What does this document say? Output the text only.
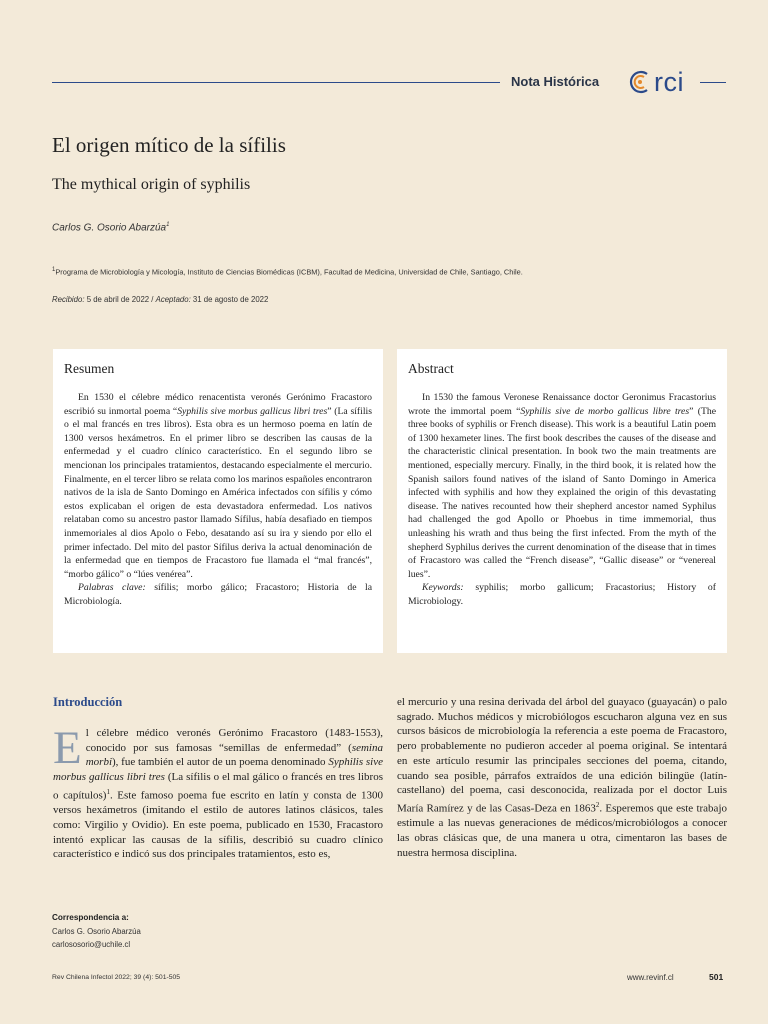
Nota Histórica rci
El origen mítico de la sífilis
The mythical origin of syphilis
Carlos G. Osorio Abarzúa$^1$
$^1$Programa de Microbiología y Micología, Instituto de Ciencias Biomédicas (ICBM), Facultad de Medicina, Universidad de Chile, Santiago, Chile.
Recibido: 5 de abril de 2022 / Aceptado: 31 de agosto de 2022
Resumen

En 1530 el célebre médico renacentista veronés Gerónimo Fracastoro escribió su inmortal poema “Syphilis sive morbus gallicus libri tres” (La sífilis o el mal francés en tres libros). Esta obra es un hermoso poema en latín de 1300 versos hexámetros. En el primer libro se describen las causas de la enfermedad y el cuadro clínico característico. En el segundo libro se mencionan los principales tratamientos, destacando especialmente el mercurio. Finalmente, en el tercer libro se relata como los marinos españoles encontraron nativos de la isla de Santo Domingo en América infectados con sífilis y cómo estos explicaban el origen de esta devastadora enfermedad. Los nativos relataban como su ancestro pastor llamado Sífilus, había desafiado en tiempos inmemoriales al dios Apolo o Febo, desatando así su ira y siendo por ello el primer infectado. Del mito del pastor Sífilus deriva la actual denominación de la enfermedad que en tiempos de Fracastoro fue llamada el “mal francés”, “morbo gálico” o “lúes venérea”.

Palabras clave: sífilis; morbo gálico; Fracastoro; Historia de la Microbiología.

Abstract

In 1530 the famous Veronese Renaissance doctor Geronimus Fracastorius wrote the immortal poem “Syphilis sive de morbo gallicus libre tres” (The three books of syphilis or French disease). This work is a beautiful Latin poem of 1300 hexameter lines. The first book describes the causes of the disease and the characteristic clinical presentation. In book two the main treatments are mentioned, especially mercury. Finally, in the third book, it is related how the Spanish sailors found natives of the island of Santo Domingo in America infected with syphilis and how they explained the origin of this devastating disease. The natives recounted how their shepherd ancestor named Syphilus had challenged the god Apollo or Phoebus in time immemorial, thus unleashing his wrath and thus being the first infected. From the myth of the shepherd Syphilus derives the current denomination of the disease that in times of Fracastoro was called the “French disease”, “Gallic disease” or “venereal lues”.

Keywords: syphilis; morbo gallicum; Fracastorius; History of Microbiology.

Introducción

El célebre médico veronés Gerónimo Fracastoro (1483-1553), conocido por sus famosas “semillas de enfermedad” (semina morbi), fue también el autor de un poema denominado Syphilis sive morbus gallicus libri tres (La sífilis o el mal gálico o francés en tres libros o capítulos)$^1$. Este famoso poema fue escrito en latín y consta de 1300 versos hexámetros (imitando el estilo de autores latinos clásicos, tales como: Virgilio y Ovidio). En este poema, publicado en 1530, Fracastoro intentó explicar las causas de la sífilis, describió su cuadro clínico característico e indicó sus dos principales tratamientos, esto es,

el mercurio y una resina derivada del árbol del guayaco (guayacán) o palo sagrado. Muchos médicos y microbiólogos escucharon alguna vez en sus cursos básicos de microbiología la referencia a este poema de Fracastoro, pero probablemente no pudieron acceder al poema original. Se intentará en este artículo resumir las principales secciones del poema, citando, cuando sea posible, párrafos extraídos de una edición bilingüe (latín-castellano) del poema, casi desconocida, realizada por el doctor Luis María Ramírez y de las Casas-Deza en 1863$^2$. Esperemos que este trabajo estimule a las nuevas generaciones de médicos/microbiólogos a conocer las obras clásicas que, de una manera u otra, cimentaron las bases de nuestra hermosa disciplina.

Correspondencia a:
Carlos G. Osorio Abarzúa
carlososorio@uchile.cl
Rev Chilena Infectol 2022; 39 (4): 501-505	www.revinf.cl	501
